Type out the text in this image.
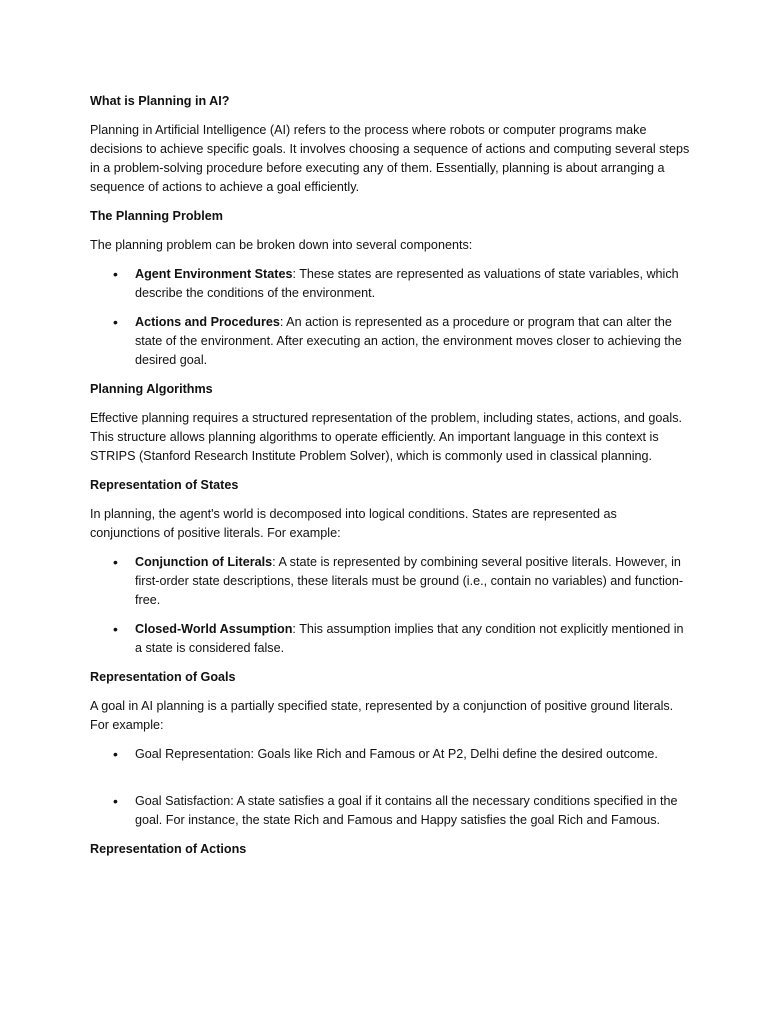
What is Planning in AI?

Planning in Artificial Intelligence (AI) refers to the process where robots or computer programs make decisions to achieve specific goals. It involves choosing a sequence of actions and computing several steps in a problem-solving procedure before executing any of them. Essentially, planning is about arranging a sequence of actions to achieve a goal efficiently.

The Planning Problem

The planning problem can be broken down into several components:

• Agent Environment States: These states are represented as valuations of state variables, which describe the conditions of the environment.
• Actions and Procedures: An action is represented as a procedure or program that can alter the state of the environment. After executing an action, the environment moves closer to achieving the desired goal.
Planning Algorithms

Effective planning requires a structured representation of the problem, including states, actions, and goals. This structure allows planning algorithms to operate efficiently. An important language in this context is STRIPS (Stanford Research Institute Problem Solver), which is commonly used in classical planning.

Representation of States

In planning, the agent's world is decomposed into logical conditions. States are represented as conjunctions of positive literals. For example:

• Conjunction of Literals: A state is represented by combining several positive literals. However, in first-order state descriptions, these literals must be ground (i.e., contain no variables) and function-free.
• Closed-World Assumption: This assumption implies that any condition not explicitly mentioned in a state is considered false.
Representation of Goals

A goal in AI planning is a partially specified state, represented by a conjunction of positive ground literals. For example:

• Goal Representation: Goals like Rich and Famous or At P2, Delhi define the desired outcome.
• Goal Satisfaction: A state satisfies a goal if it contains all the necessary conditions specified in the goal. For instance, the state Rich and Famous and Happy satisfies the goal Rich and Famous.
Representation of Actions
